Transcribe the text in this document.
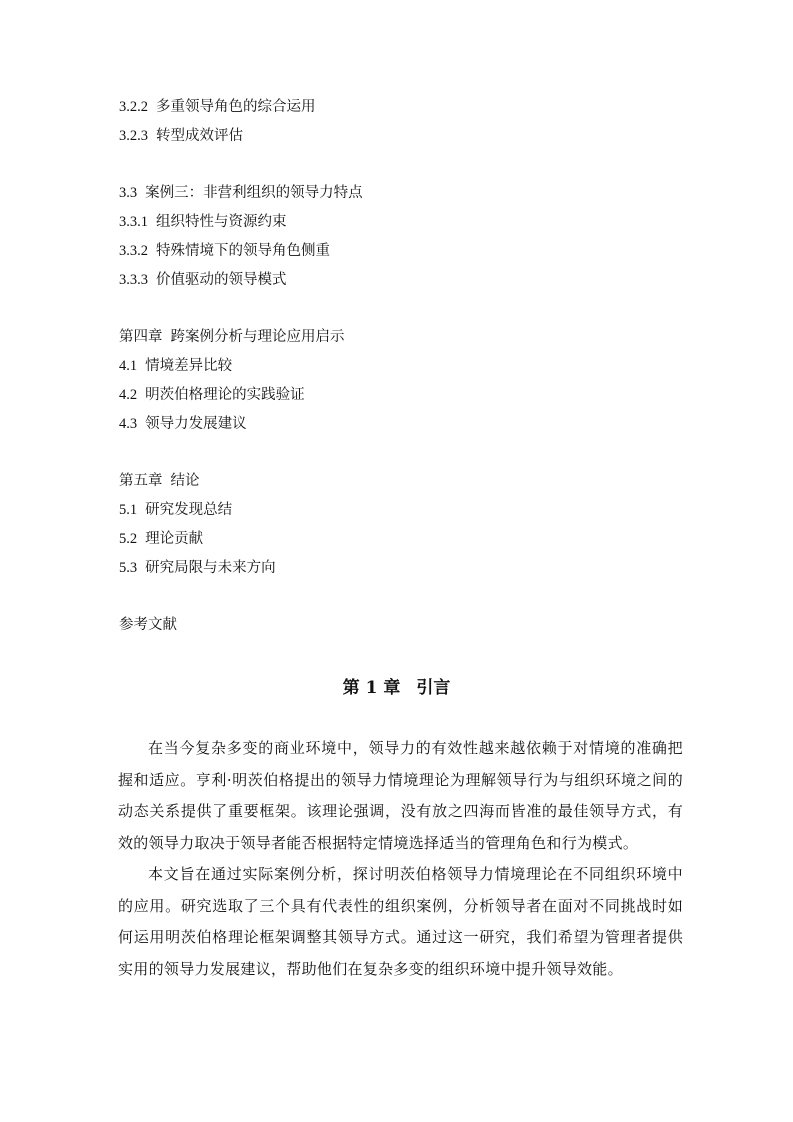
3.2.2 多重领导角色的综合运用
3.2.3 转型成效评估
3.3 案例三：非营利组织的领导力特点
3.3.1 组织特性与资源约束
3.3.2 特殊情境下的领导角色侧重
3.3.3 价值驱动的领导模式
第四章 跨案例分析与理论应用启示
4.1 情境差异比较
4.2 明茨伯格理论的实践验证
4.3 领导力发展建议
第五章 结论
5.1 研究发现总结
5.2 理论贡献
5.3 研究局限与未来方向
参考文献
第 1 章 引言

在当今复杂多变的商业环境中，领导力的有效性越来越依赖于对情境的准确把握和适应。亨利·明茨伯格提出的领导力情境理论为理解领导行为与组织环境之间的动态关系提供了重要框架。该理论强调，没有放之四海而皆准的最佳领导方式，有效的领导力取决于领导者能否根据特定情境选择适当的管理角色和行为模式。

本文旨在通过实际案例分析，探讨明茨伯格领导力情境理论在不同组织环境中的应用。研究选取了三个具有代表性的组织案例，分析领导者在面对不同挑战时如何运用明茨伯格理论框架调整其领导方式。通过这一研究，我们希望为管理者提供实用的领导力发展建议，帮助他们在复杂多变的组织环境中提升领导效能。
